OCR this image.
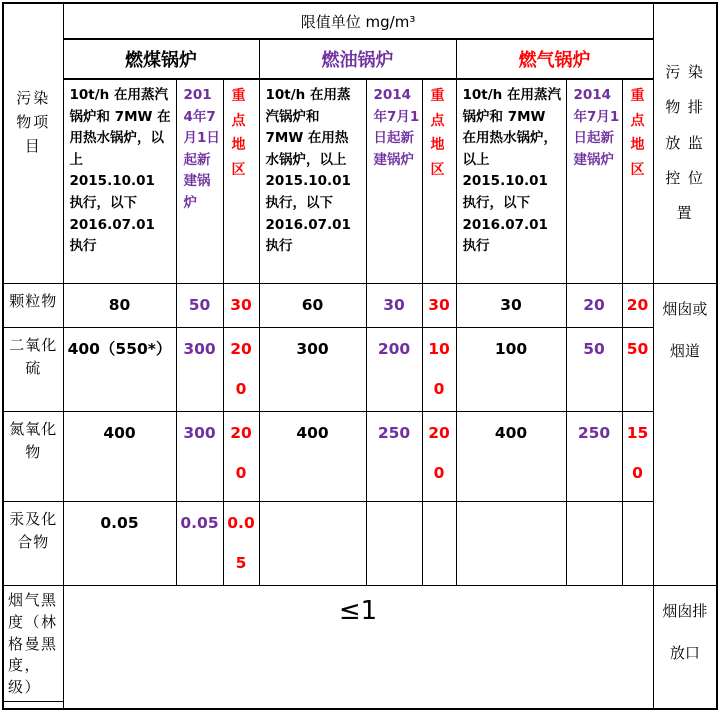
污染物项目	限值单位 mg/m³									污染物排放监控位置
	燃煤锅炉			燃油锅炉			燃气锅炉			
	10t/h 在用蒸汽锅炉和 7MW 在用热水锅炉，以上 2015.10.01 执行，以下 2016.07.01 执行	2014年7月1日起新建锅炉	重点地区	10t/h 在用蒸汽锅炉和 7MW 在用热水锅炉，以上 2015.10.01 执行，以下 2016.07.01 执行	2014年7月1日起新建锅炉	重点地区	10t/h 在用蒸汽锅炉和 7MW 在用热水锅炉，以上 2015.10.01 执行，以下 2016.07.01 执行	2014年7月1日起新建锅炉	重点地区	
颗粒物	80	50	30	60	30	30	30	20	20	烟囱或烟道
二氧化硫	400（550*）	300	200	300	200	100	100	50	50	
氮氧化物	400	300	200	400	250	200	400	250	150	
汞及化合物	0.05	0.05	0.05							
烟气黑度（林格曼黑度，级）	≤1									烟囱排放口
